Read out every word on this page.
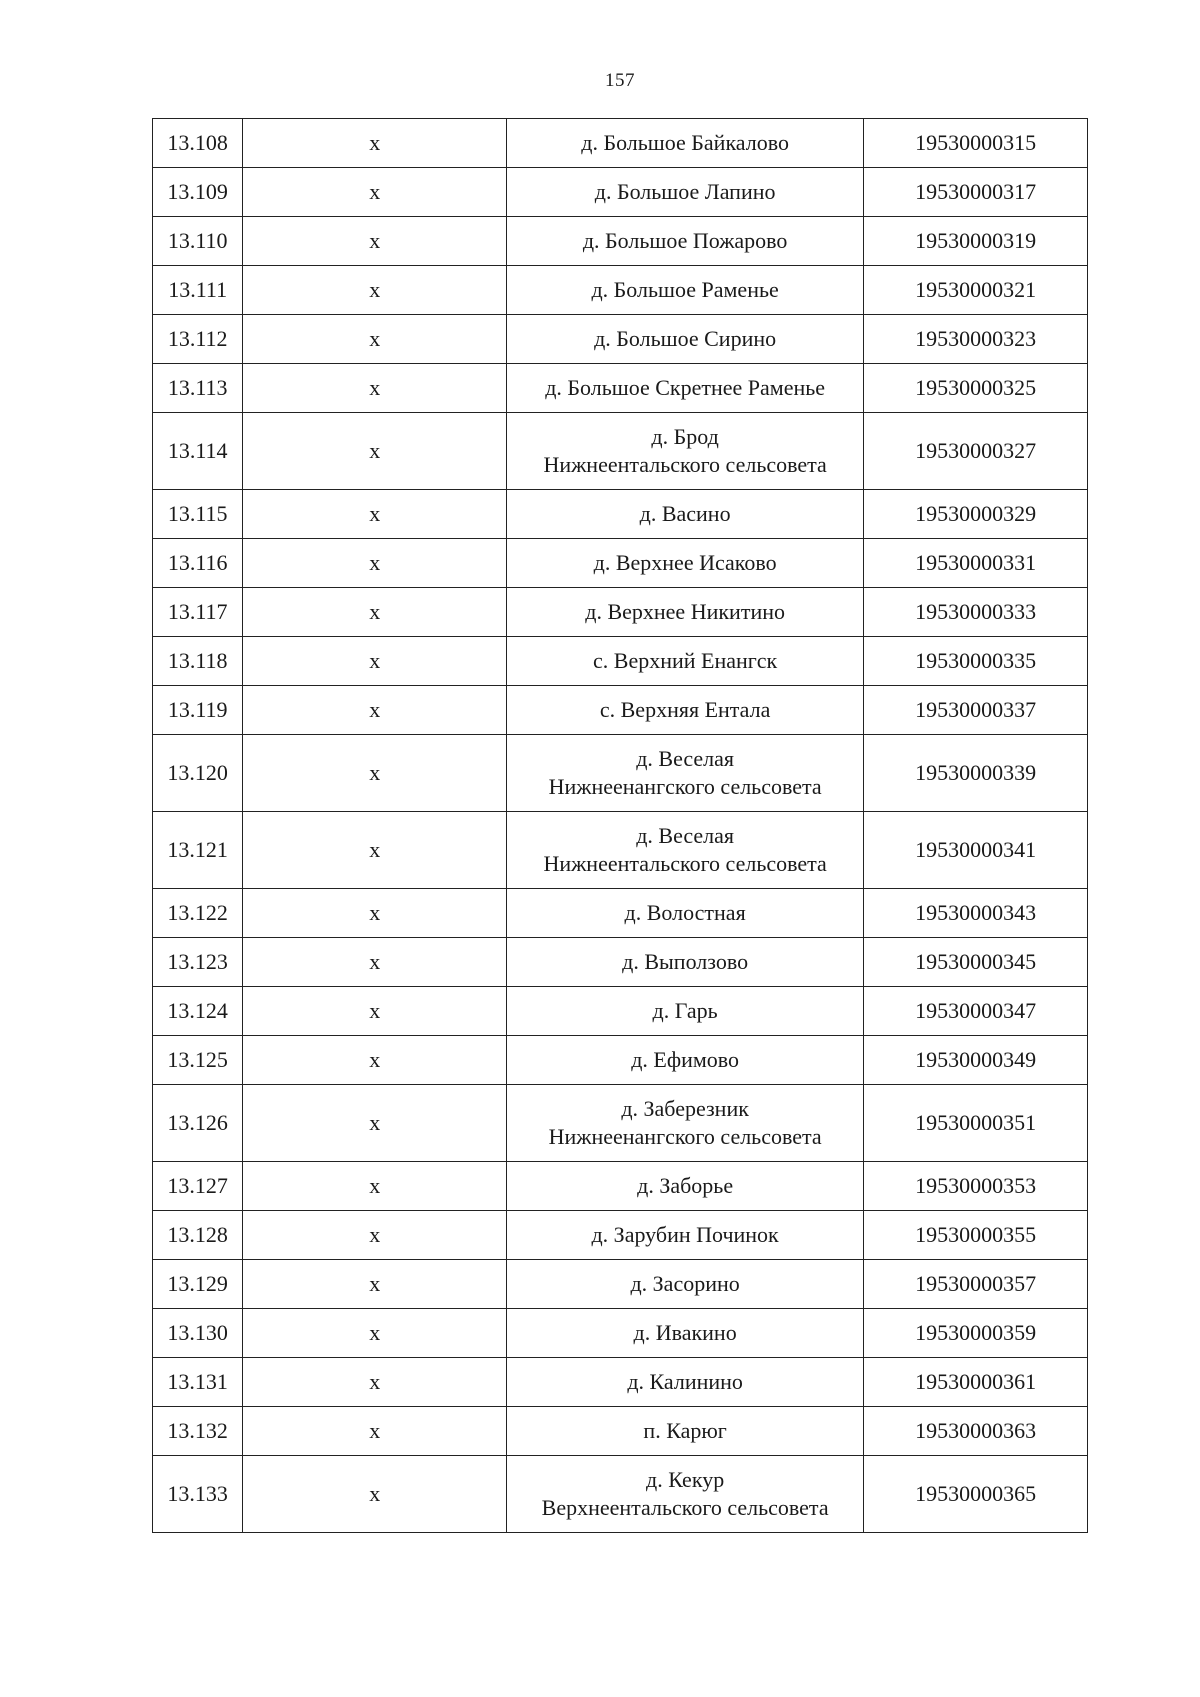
157
13.108	х	д. Большое Байкалово	19530000315
13.109	х	д. Большое Лапино	19530000317
13.110	х	д. Большое Пожарово	19530000319
13.111	х	д. Большое Раменье	19530000321
13.112	х	д. Большое Сирино	19530000323
13.113	х	д. Большое Скретнее Раменье	19530000325
13.114	х	д. Брод
Нижнеентальского сельсовета	19530000327
13.115	х	д. Васино	19530000329
13.116	х	д. Верхнее Исаково	19530000331
13.117	х	д. Верхнее Никитино	19530000333
13.118	х	с. Верхний Енангск	19530000335
13.119	х	с. Верхняя Ентала	19530000337
13.120	х	д. Веселая
Нижнеенангского сельсовета	19530000339
13.121	х	д. Веселая
Нижнеентальского сельсовета	19530000341
13.122	х	д. Волостная	19530000343
13.123	х	д. Выползово	19530000345
13.124	х	д. Гарь	19530000347
13.125	х	д. Ефимово	19530000349
13.126	х	д. Заберезник
Нижнеенангского сельсовета	19530000351
13.127	х	д. Заборье	19530000353
13.128	х	д. Зарубин Починок	19530000355
13.129	х	д. Засорино	19530000357
13.130	х	д. Ивакино	19530000359
13.131	х	д. Калинино	19530000361
13.132	х	п. Карюг	19530000363
13.133	х	д. Кекур
Верхнеентальского сельсовета	19530000365
